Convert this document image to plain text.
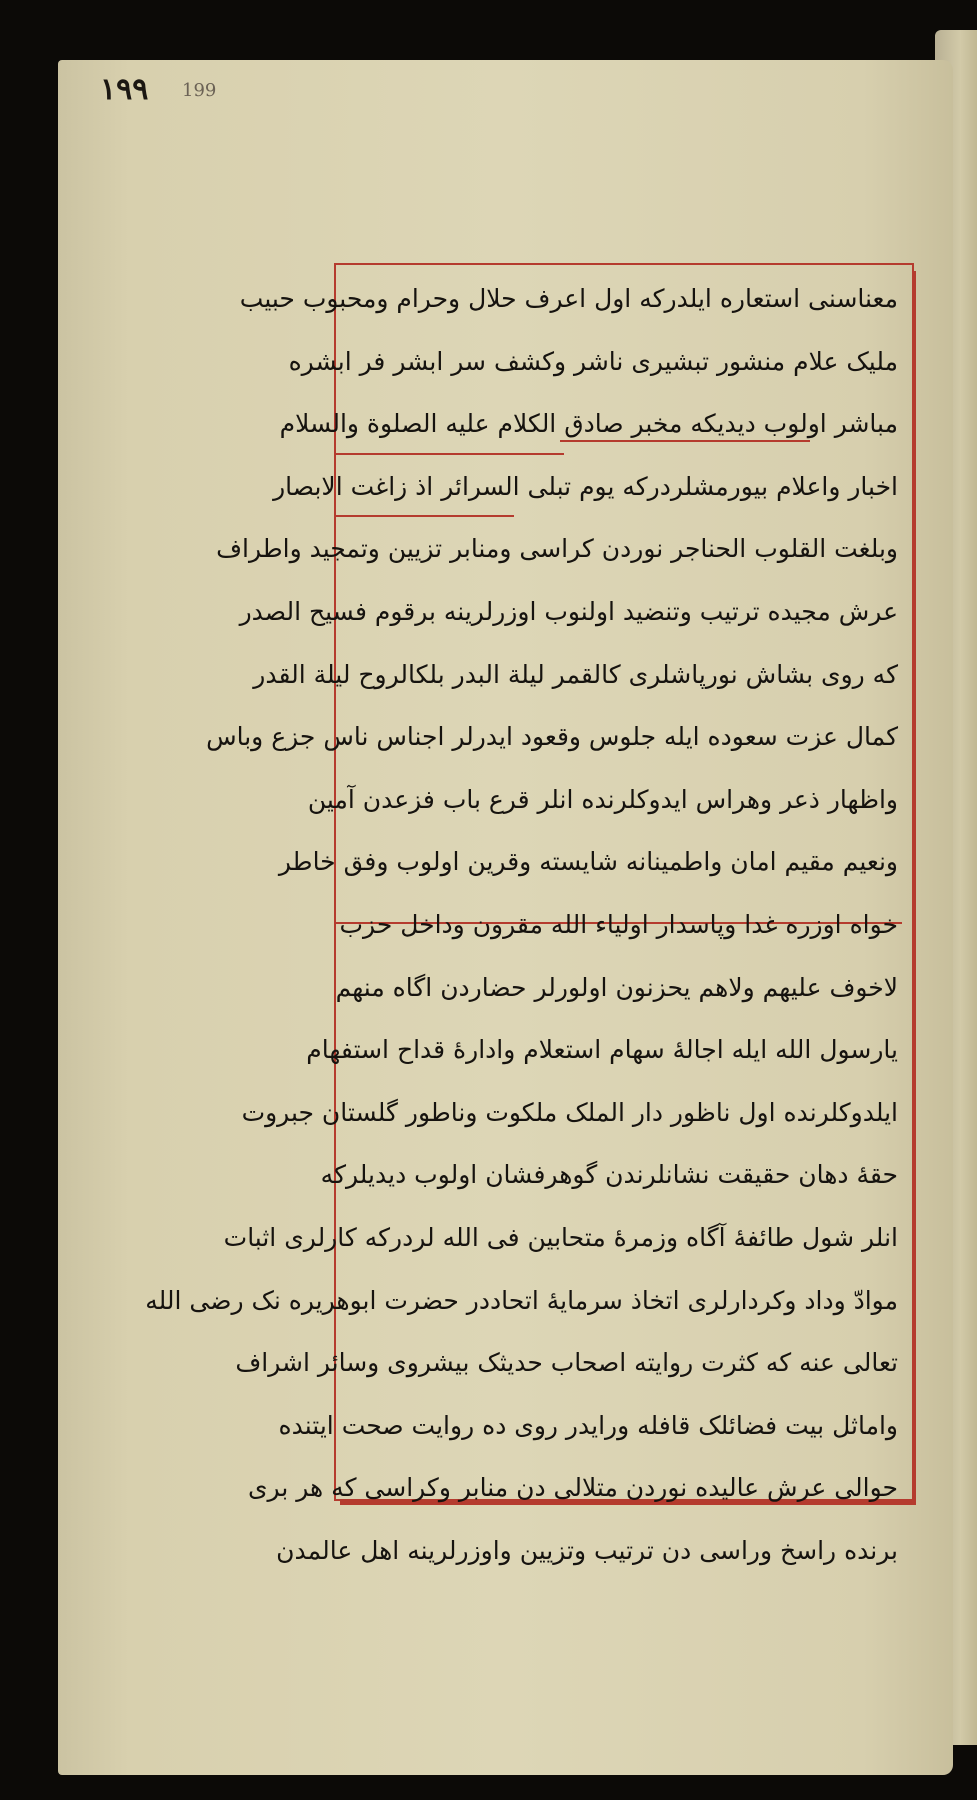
١٩٩ 199
معناسنی استعاره ایلدرکه اول اعرف حلال وحرام ومحبوب حبیب
ملیک علام منشور تبشیری ناشر وکشف سر ابشر فر ابشره
مباشر اولوب دیدیکه مخبر صادق الکلام علیه الصلوة والسلام
اخبار واعلام بیورمشلردرکه یوم تبلی السرائر اذ زاغت الابصار
وبلغت القلوب الحناجر نوردن کراسی ومنابر تزیین وتمجید واطراف
عرش مجیده ترتیب وتنضید اولنوب اوزرلرینه برقوم فسیح الصدر
که روی بشاش نورپاشلری کالقمر لیلة البدر بلکالروح لیلة القدر
کمال عزت سعوده ایله جلوس وقعود ایدرلر اجناس ناس جزع وباس
واظهار ذعر وهراس ایدوکلرنده انلر قرع باب فزعدن آمین
ونعیم مقیم امان واطمینانه شایسته وقرین اولوب وفق خاطر
خواه اوزره غدا وپاسدار اولیاء الله مقرون وداخل حزب
لاخوف علیهم ولاهم یحزنون اولورلر حضاردن اگاه منهم
یارسول الله ایله اجالهٔ سهام استعلام وادارهٔ قداح استفهام
ایلدوکلرنده اول ناظور دار الملک ملکوت وناطور گلستان جبروت
حقهٔ دهان حقیقت نشانلرندن گوهرفشان اولوب دیدیلرکه
انلر شول طائفهٔ آگاه وزمرهٔ متحابین فی الله لردرکه کارلری اثبات
موادّ وداد وکردارلری اتخاذ سرمایهٔ اتحاددر حضرت ابوهریره نک رضی الله
تعالی عنه که کثرت روایته اصحاب حدیثک بیشروی وسائر اشراف
واماثل بیت فضائلک قافله ورایدر روی ده روایت صحت ایتنده
حوالی عرش عالیده نوردن متلالی دن منابر وکراسی که هر بری
برنده راسخ وراسی دن ترتیب وتزیین واوزرلرینه اهل عالمدن
